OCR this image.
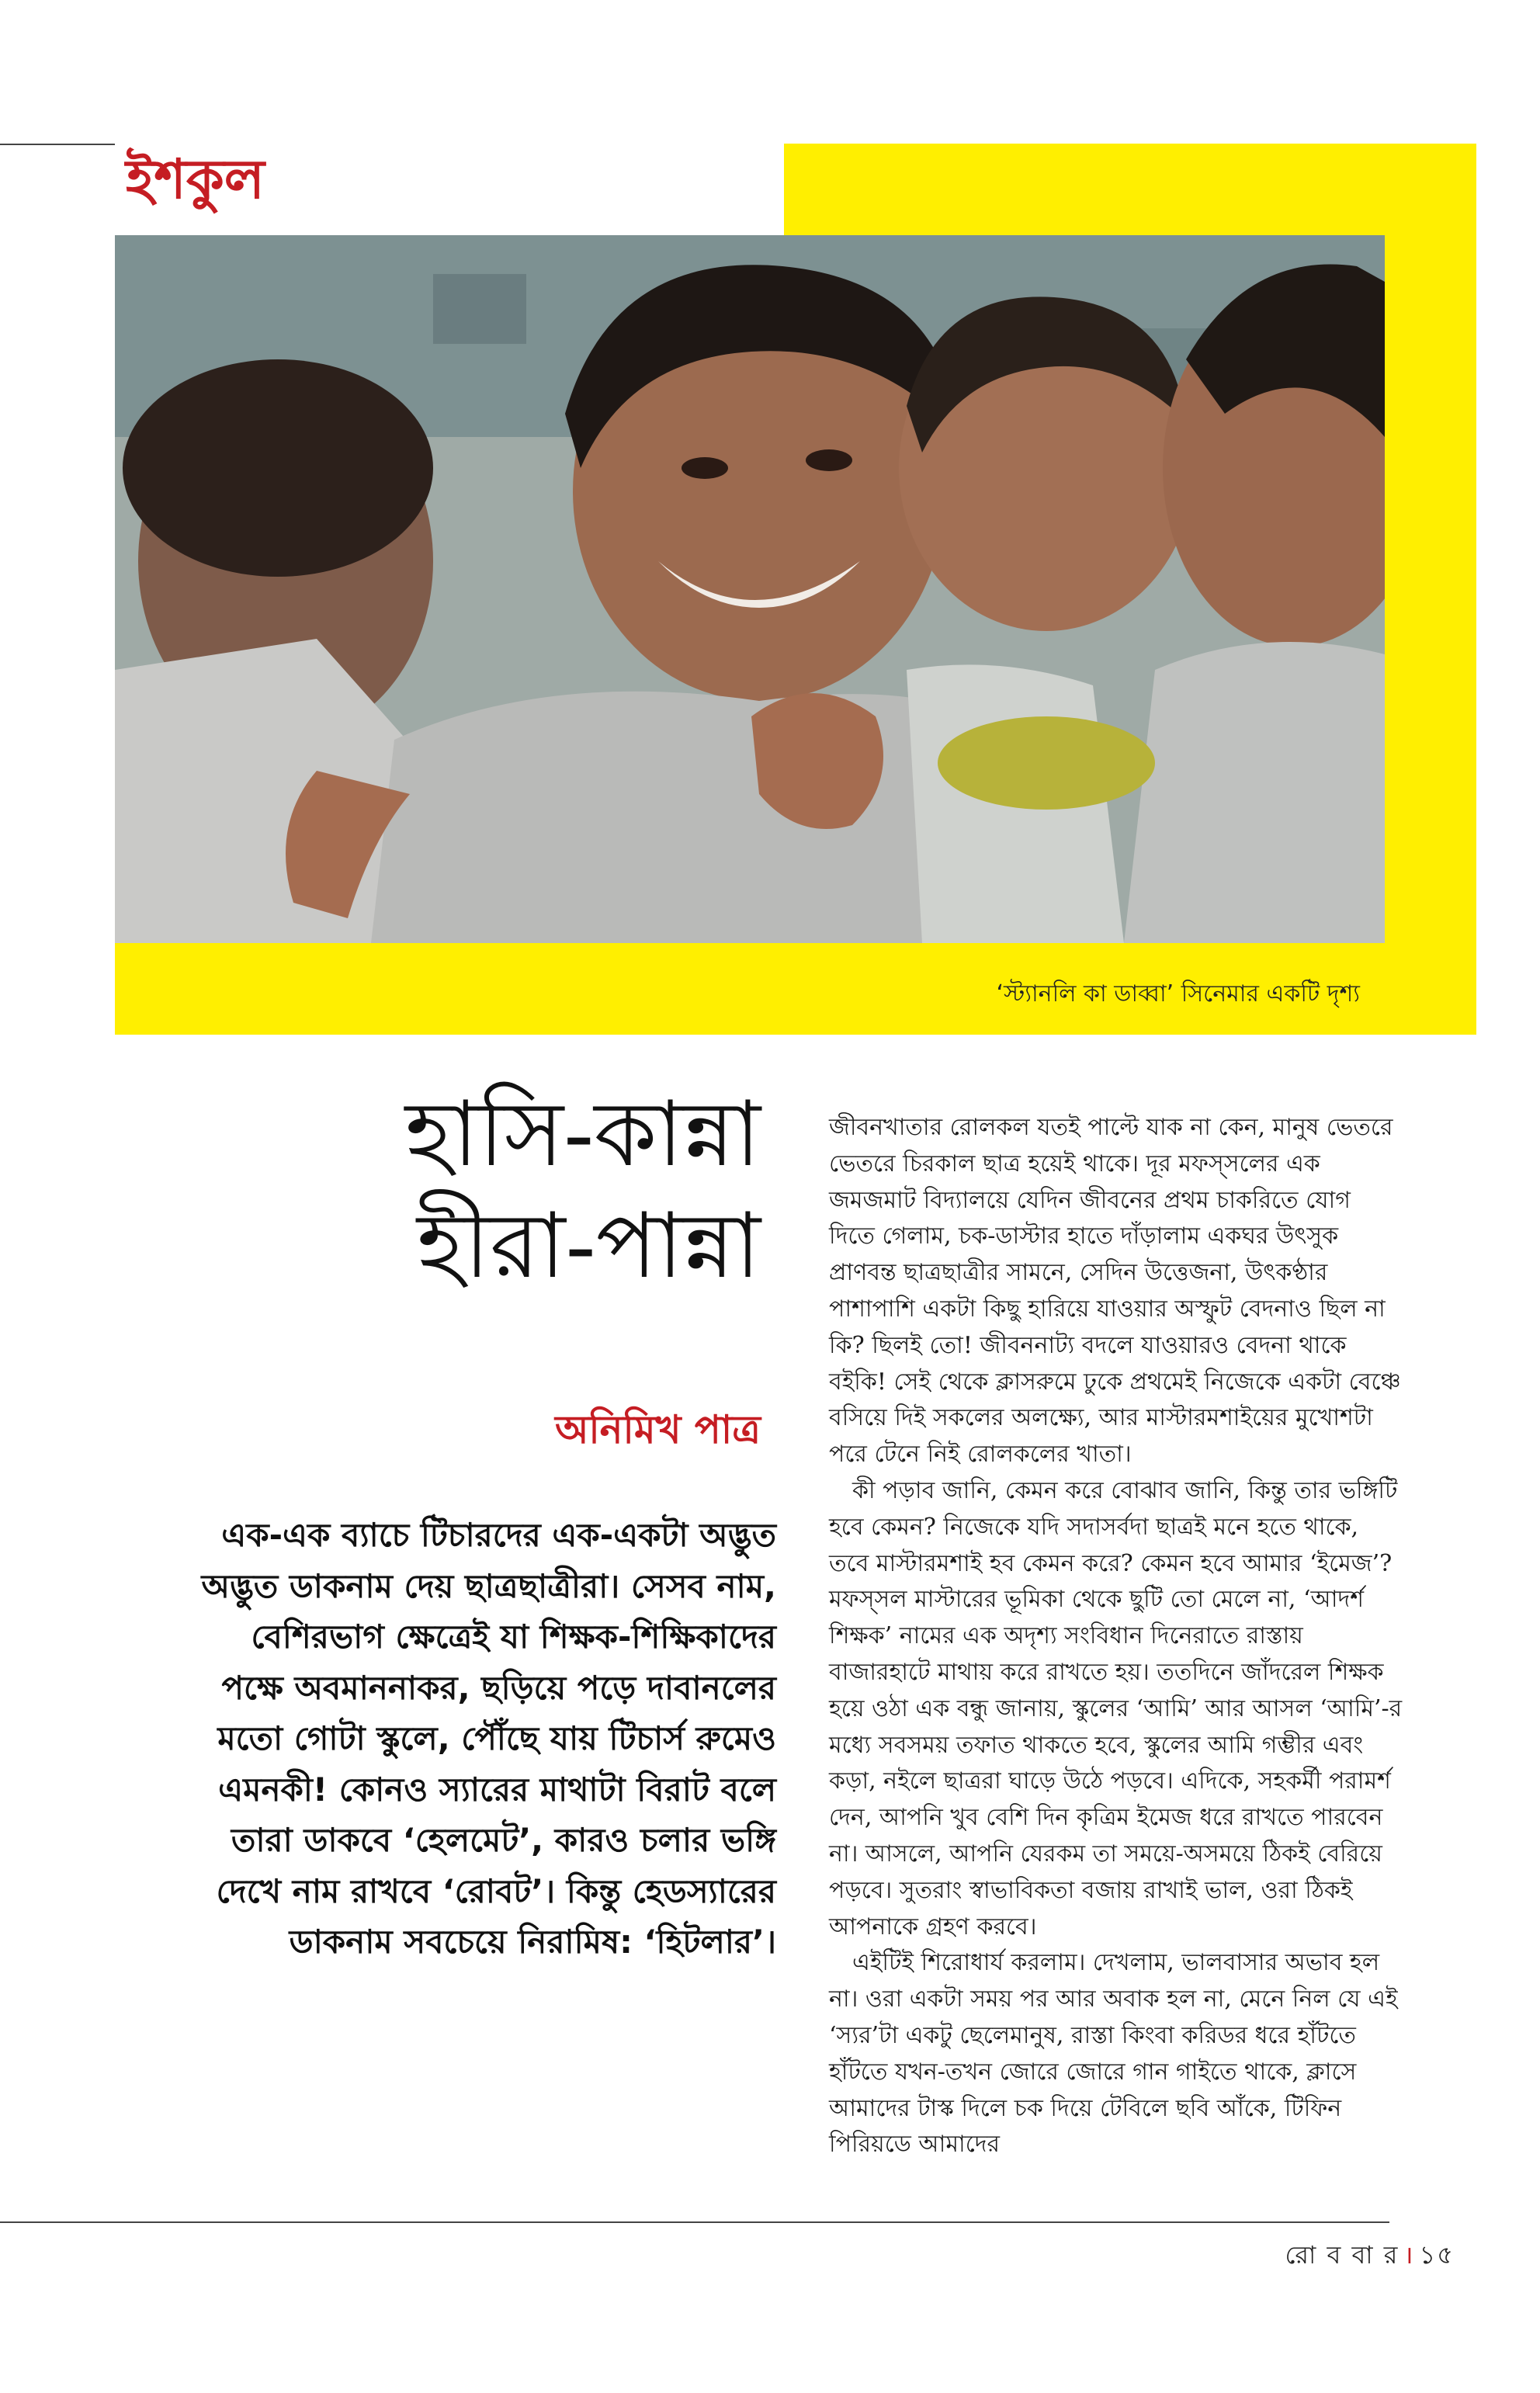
ইশকুল
‘স্ট্যানলি কা ডাব্বা’ সিনেমার একটি দৃশ্য
হাসি-কান্না
হীরা-পান্না
অনিমিখ পাত্র

এক-এক ব্যাচে টিচারদের এক-একটা অদ্ভুত অদ্ভুত ডাকনাম দেয় ছাত্রছাত্রীরা। সেসব নাম, বেশিরভাগ ক্ষেত্রেই যা শিক্ষক-শিক্ষিকাদের পক্ষে অবমাননাকর, ছড়িয়ে পড়ে দাবানলের মতো গোটা স্কুলে, পৌঁছে যায় টিচার্স রুমেও এমনকী! কোনও স্যারের মাথাটা বিরাট বলে তারা ডাকবে ‘হেলমেট’, কারও চলার ভঙ্গি দেখে নাম রাখবে ‘রোবট’। কিন্তু হেডস্যারের ডাকনাম সবচেয়ে নিরামিষ: ‘হিটলার’।

জীবনখাতার রোলকল যতই পাল্টে যাক না কেন, মানুষ ভেতরে ভেতরে চিরকাল ছাত্র হয়েই থাকে। দূর মফস্সলের এক জমজমাট বিদ্যালয়ে যেদিন জীবনের প্রথম চাকরিতে যোগ দিতে গেলাম, চক-ডাস্টার হাতে দাঁড়ালাম একঘর উৎসুক প্রাণবন্ত ছাত্রছাত্রীর সামনে, সেদিন উত্তেজনা, উৎকণ্ঠার পাশাপাশি একটা কিছু হারিয়ে যাওয়ার অস্ফুট বেদনাও ছিল না কি? ছিলই তো! জীবননাট্য বদলে যাওয়ারও বেদনা থাকে বইকি! সেই থেকে ক্লাসরুমে ঢুকে প্রথমেই নিজেকে একটা বেঞ্চে বসিয়ে দিই সকলের অলক্ষ্যে, আর মাস্টারমশাইয়ের মুখোশটা পরে টেনে নিই রোলকলের খাতা।

কী পড়াব জানি, কেমন করে বোঝাব জানি, কিন্তু তার ভঙ্গিটি হবে কেমন? নিজেকে যদি সদাসর্বদা ছাত্রই মনে হতে থাকে, তবে মাস্টারমশাই হব কেমন করে? কেমন হবে আমার ‘ইমেজ’? মফস্সল মাস্টারের ভূমিকা থেকে ছুটি তো মেলে না, ‘আদর্শ শিক্ষক’ নামের এক অদৃশ্য সংবিধান দিনেরাতে রাস্তায় বাজারহাটে মাথায় করে রাখতে হয়। ততদিনে জাঁদরেল শিক্ষক হয়ে ওঠা এক বন্ধু জানায়, স্কুলের ‘আমি’ আর আসল ‘আমি’-র মধ্যে সবসময় তফাত থাকতে হবে, স্কুলের আমি গম্ভীর এবং কড়া, নইলে ছাত্ররা ঘাড়ে উঠে পড়বে। এদিকে, সহকর্মী পরামর্শ দেন, আপনি খুব বেশি দিন কৃত্রিম ইমেজ ধরে রাখতে পারবেন না। আসলে, আপনি যেরকম তা সময়ে-অসময়ে ঠিকই বেরিয়ে পড়বে। সুতরাং স্বাভাবিকতা বজায় রাখাই ভাল, ওরা ঠিকই আপনাকে গ্রহণ করবে।

এইটিই শিরোধার্য করলাম। দেখলাম, ভালবাসার অভাব হল না। ওরা একটা সময় পর আর অবাক হল না, মেনে নিল যে এই ‘স্যর’টা একটু ছেলেমানুষ, রাস্তা কিংবা করিডর ধরে হাঁটতে হাঁটতে যখন-তখন জোরে জোরে গান গাইতে থাকে, ক্লাসে আমাদের টাস্ক দিলে চক দিয়ে টেবিলে ছবি আঁকে, টিফিন পিরিয়ডে আমাদের

রো ব বা র । ১৫
